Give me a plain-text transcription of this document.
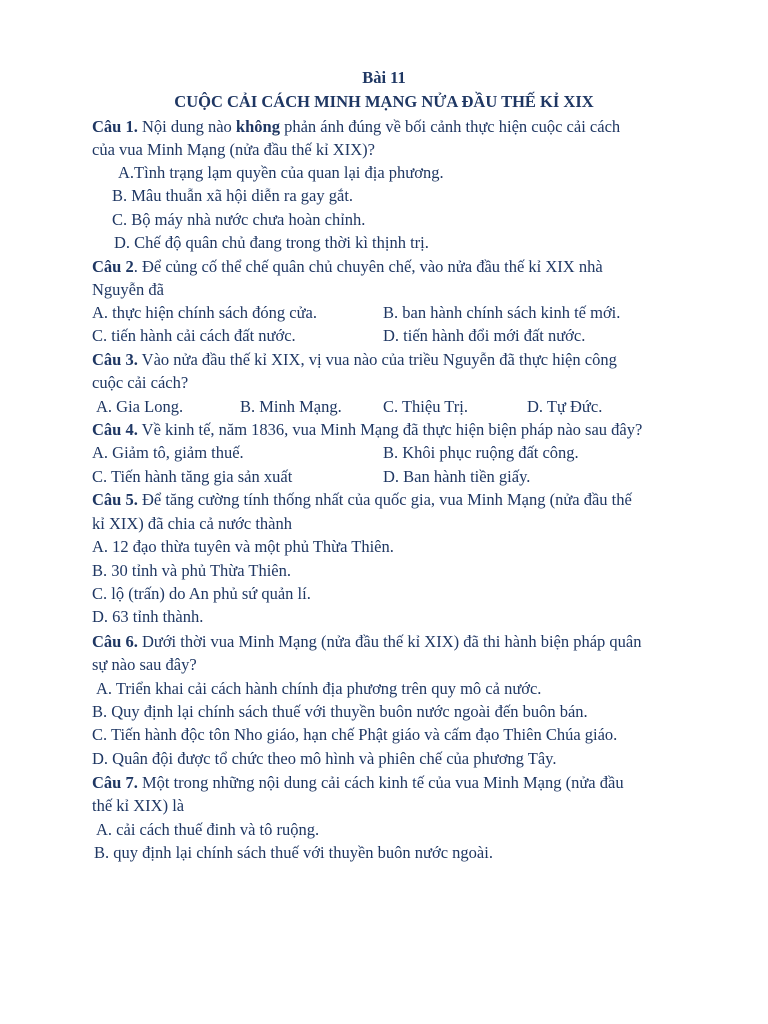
Bài 11
CUỘC CẢI CÁCH MINH MẠNG NỬA ĐẦU THẾ KỈ XIX
Câu 1. Nội dung nào không phản ánh đúng về bối cảnh thực hiện cuộc cải cách
của vua Minh Mạng (nửa đầu thế kỉ XIX)?
A.Tình trạng lạm quyền của quan lại địa phương.
B. Mâu thuẫn xã hội diễn ra gay gắt.
C. Bộ máy nhà nước chưa hoàn chỉnh.
D. Chế độ quân chủ đang trong thời kì thịnh trị.
Câu 2. Để củng cố thể chế quân chủ chuyên chế, vào nửa đầu thế kỉ XIX nhà
Nguyễn đã
A. thực hiện chính sách đóng cửa.	B. ban hành chính sách kinh tế mới.
C. tiến hành cải cách đất nước.	D. tiến hành đổi mới đất nước.
Câu 3. Vào nửa đầu thế kỉ XIX, vị vua nào của triều Nguyễn đã thực hiện công
cuộc cải cách?
A. Gia Long.	B. Minh Mạng. C. Thiệu Trị.	D. Tự Đức.
Câu 4. Về kinh tế, năm 1836, vua Minh Mạng đã thực hiện biện pháp nào sau đây?
A. Giảm tô, giảm thuế.	B. Khôi phục ruộng đất công.
C. Tiến hành tăng gia sản xuất	D. Ban hành tiền giấy.
Câu 5. Để tăng cường tính thống nhất của quốc gia, vua Minh Mạng (nửa đầu thế
kỉ XIX) đã chia cả nước thành
A. 12 đạo thừa tuyên và một phủ Thừa Thiên.
B. 30 tỉnh và phủ Thừa Thiên.
C. lộ (trấn) do An phủ sứ quản lí.
D. 63 tỉnh thành.
Câu 6. Dưới thời vua Minh Mạng (nửa đầu thế kỉ XIX) đã thi hành biện pháp quân
sự nào sau đây?
A. Triển khai cải cách hành chính địa phương trên quy mô cả nước.
B. Quy định lại chính sách thuế với thuyền buôn nước ngoài đến buôn bán.
C. Tiến hành độc tôn Nho giáo, hạn chế Phật giáo và cấm đạo Thiên Chúa giáo.
D. Quân đội được tổ chức theo mô hình và phiên chế của phương Tây.
Câu 7. Một trong những nội dung cải cách kinh tế của vua Minh Mạng (nửa đầu
thế kỉ XIX) là
A. cải cách thuế đinh và tô ruộng.
B. quy định lại chính sách thuế với thuyền buôn nước ngoài.
